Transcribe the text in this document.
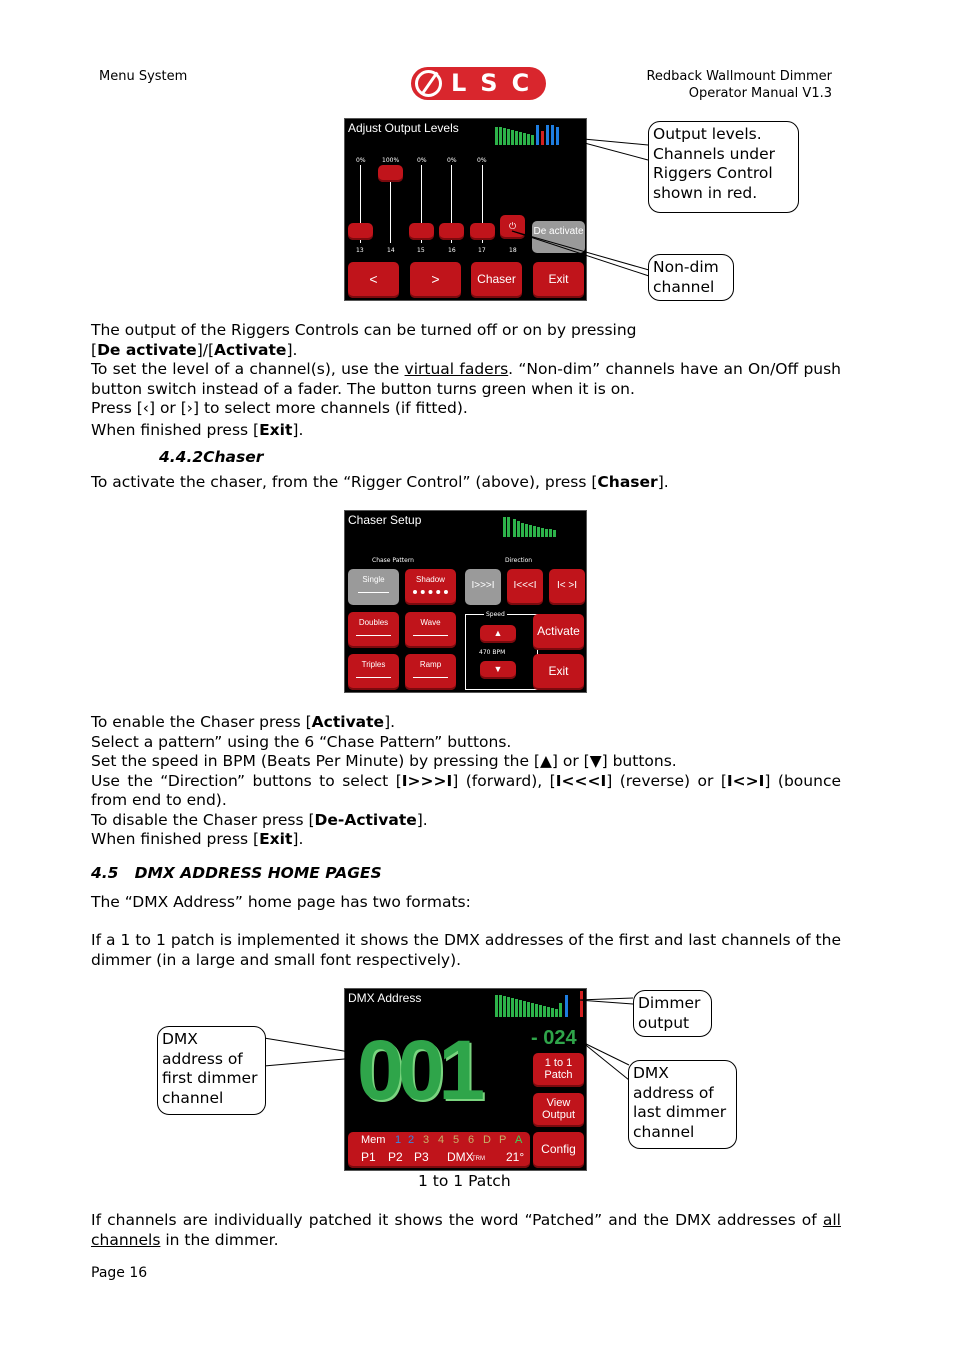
Menu System	LSC	Redback Wallmount Dimmer
Operator Manual V1.3
Adjust Output Levels
0%	100%	0%	0%	0%
⏻	De activate
13	14	15	16	17	18
<	>	Chaser	Exit
Output levels. Channels under Riggers Control shown in red.
Non-dim channel
The output of the Riggers Controls can be turned off or on by pressing
[De activate]/[Activate].
To set the level of a channel(s), use the virtual faders. “Non-dim” channels have an On/Off push button switch instead of a fader. The button turns green when it is on.
Press [‹] or [›] to select more channels (if fitted).
When finished press [Exit].
4.4.2Chaser
To activate the chaser, from the “Rigger Control” (above), press [Chaser].
Chaser Setup
Chase Pattern	Direction
Single	Shadow
Doubles	Wave
Triples	Ramp
I>>>I	I<<<I	I< >I
Speed
▲
470 BPM
▼
Activate
Exit
To enable the Chaser press [Activate].
Select a pattern” using the 6 “Chase Pattern” buttons.
Set the speed in BPM (Beats Per Minute) by pressing the [▲] or [▼] buttons.
Use the “Direction” buttons to select [I>>>I] (forward), [I<<<I] (reverse) or [I<>I] (bounce from end to end).
To disable the Chaser press [De-Activate].
When finished press [Exit].
4.5   DMX ADDRESS HOME PAGES
The “DMX Address” home page has two formats:
If a 1 to 1 patch is implemented it shows the DMX addresses of the first and last channels of the dimmer (in a large and small font respectively).
DMX Address
001	- 024
1 to 1 Patch
View Output
Config
Mem 1 2 3 4 5 6 D P A
P1 P2 P3 DMX
TRM 21°
Dimmer output
DMX address of first dimmer channel
DMX address of last dimmer channel
1 to 1 Patch
If channels are individually patched it shows the word “Patched” and the DMX addresses of all channels in the dimmer.
Page 16
